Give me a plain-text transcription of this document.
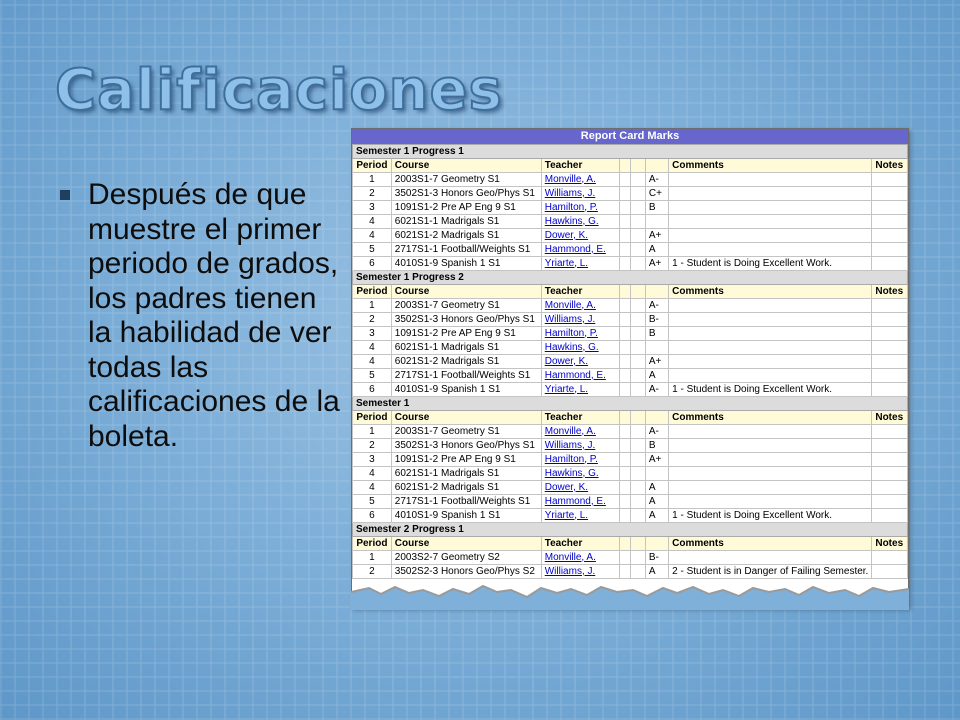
Calificaciones
Después de que muestre el primer periodo de grados, los padres tienen la habilidad de ver todas las calificaciones de la boleta.
Report Card Marks
Semester 1 Progress 1							
Period	Course	Teacher				Comments	Notes
1	2003S1-7 Geometry S1	Monville, A.			A-		
2	3502S1-3 Honors Geo/Phys S1	Williams, J.			C+		
3	1091S1-2 Pre AP Eng 9 S1	Hamilton, P.			B		
4	6021S1-1 Madrigals S1	Hawkins, G.					
4	6021S1-2 Madrigals S1	Dower, K.			A+		
5	2717S1-1 Football/Weights S1	Hammond, E.			A		
6	4010S1-9 Spanish 1 S1	Yriarte, L.			A+	1 - Student is Doing Excellent Work.	
Semester 1 Progress 2							
Period	Course	Teacher				Comments	Notes
1	2003S1-7 Geometry S1	Monville, A.			A-		
2	3502S1-3 Honors Geo/Phys S1	Williams, J.			B-		
3	1091S1-2 Pre AP Eng 9 S1	Hamilton, P.			B		
4	6021S1-1 Madrigals S1	Hawkins, G.					
4	6021S1-2 Madrigals S1	Dower, K.			A+		
5	2717S1-1 Football/Weights S1	Hammond, E.			A		
6	4010S1-9 Spanish 1 S1	Yriarte, L.			A-	1 - Student is Doing Excellent Work.	
Semester 1							
Period	Course	Teacher				Comments	Notes
1	2003S1-7 Geometry S1	Monville, A.			A-		
2	3502S1-3 Honors Geo/Phys S1	Williams, J.			B		
3	1091S1-2 Pre AP Eng 9 S1	Hamilton, P.			A+		
4	6021S1-1 Madrigals S1	Hawkins, G.					
4	6021S1-2 Madrigals S1	Dower, K.			A		
5	2717S1-1 Football/Weights S1	Hammond, E.			A		
6	4010S1-9 Spanish 1 S1	Yriarte, L.			A	1 - Student is Doing Excellent Work.	
Semester 2 Progress 1							
Period	Course	Teacher				Comments	Notes
1	2003S2-7 Geometry S2	Monville, A.			B-		
2	3502S2-3 Honors Geo/Phys S2	Williams, J.			A	2 - Student is in Danger of Failing Semester.	
